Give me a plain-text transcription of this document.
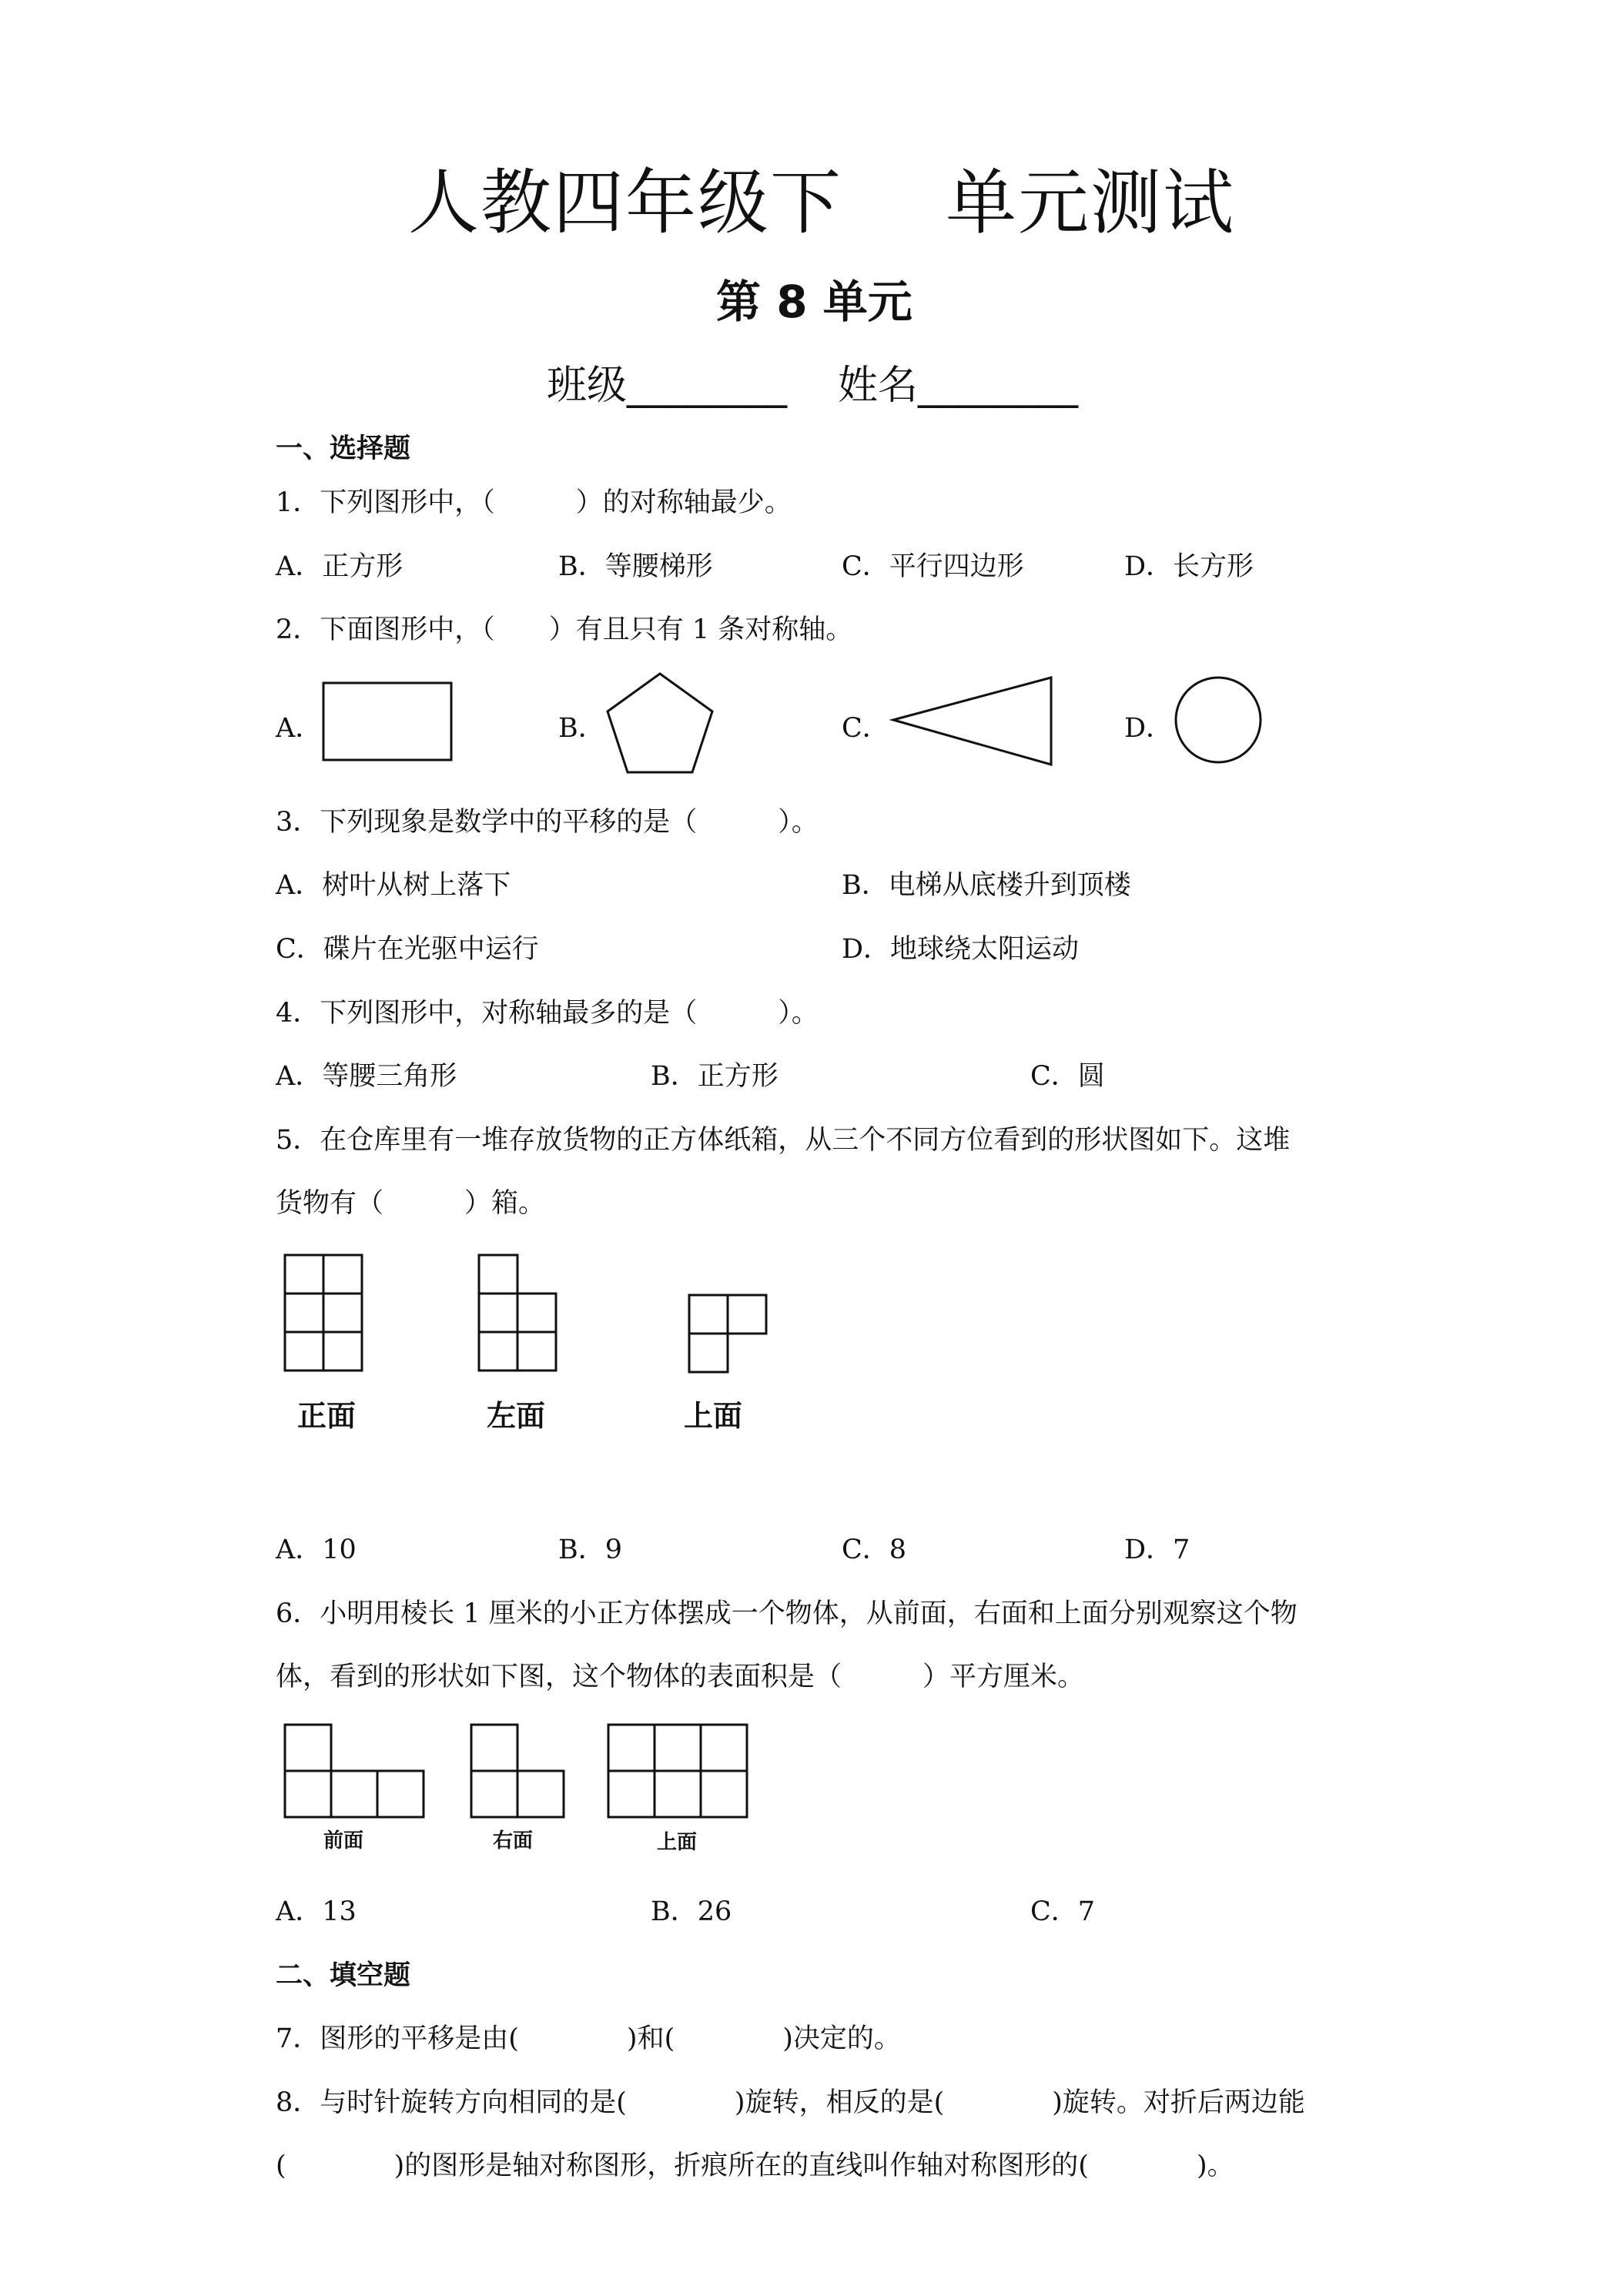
人教四年级下 单元测试
第 8 单元
班级________ 姓名________
一、选择题
1．下列图形中，（　　　）的对称轴最少。
A．正方形	B．等腰梯形	C．平行四边形	D．长方形
2．下面图形中，（　　）有且只有 1 条对称轴。
A．	B．	C．	D．
3．下列现象是数学中的平移的是（　　　）。
A．树叶从树上落下	B．电梯从底楼升到顶楼
C．碟片在光驱中运行	D．地球绕太阳运动
4．下列图形中，对称轴最多的是（　　　）。
A．等腰三角形	B．正方形	C．圆
5．在仓库里有一堆存放货物的正方体纸箱，从三个不同方位看到的形状图如下。这堆
货物有（　　　）箱。
正面	左面	上面
A．10	B．9	C．8	D．7
6．小明用棱长 1 厘米的小正方体摆成一个物体，从前面，右面和上面分别观察这个物
体，看到的形状如下图，这个物体的表面积是（　　　）平方厘米。
前面	右面	上面
A．13	B．26	C．7
二、填空题
7．图形的平移是由(　　　　)和(　　　　)决定的。
8．与时针旋转方向相同的是(　　　　)旋转，相反的是(　　　　)旋转。对折后两边能
(　　　　)的图形是轴对称图形，折痕所在的直线叫作轴对称图形的(　　　　)。
